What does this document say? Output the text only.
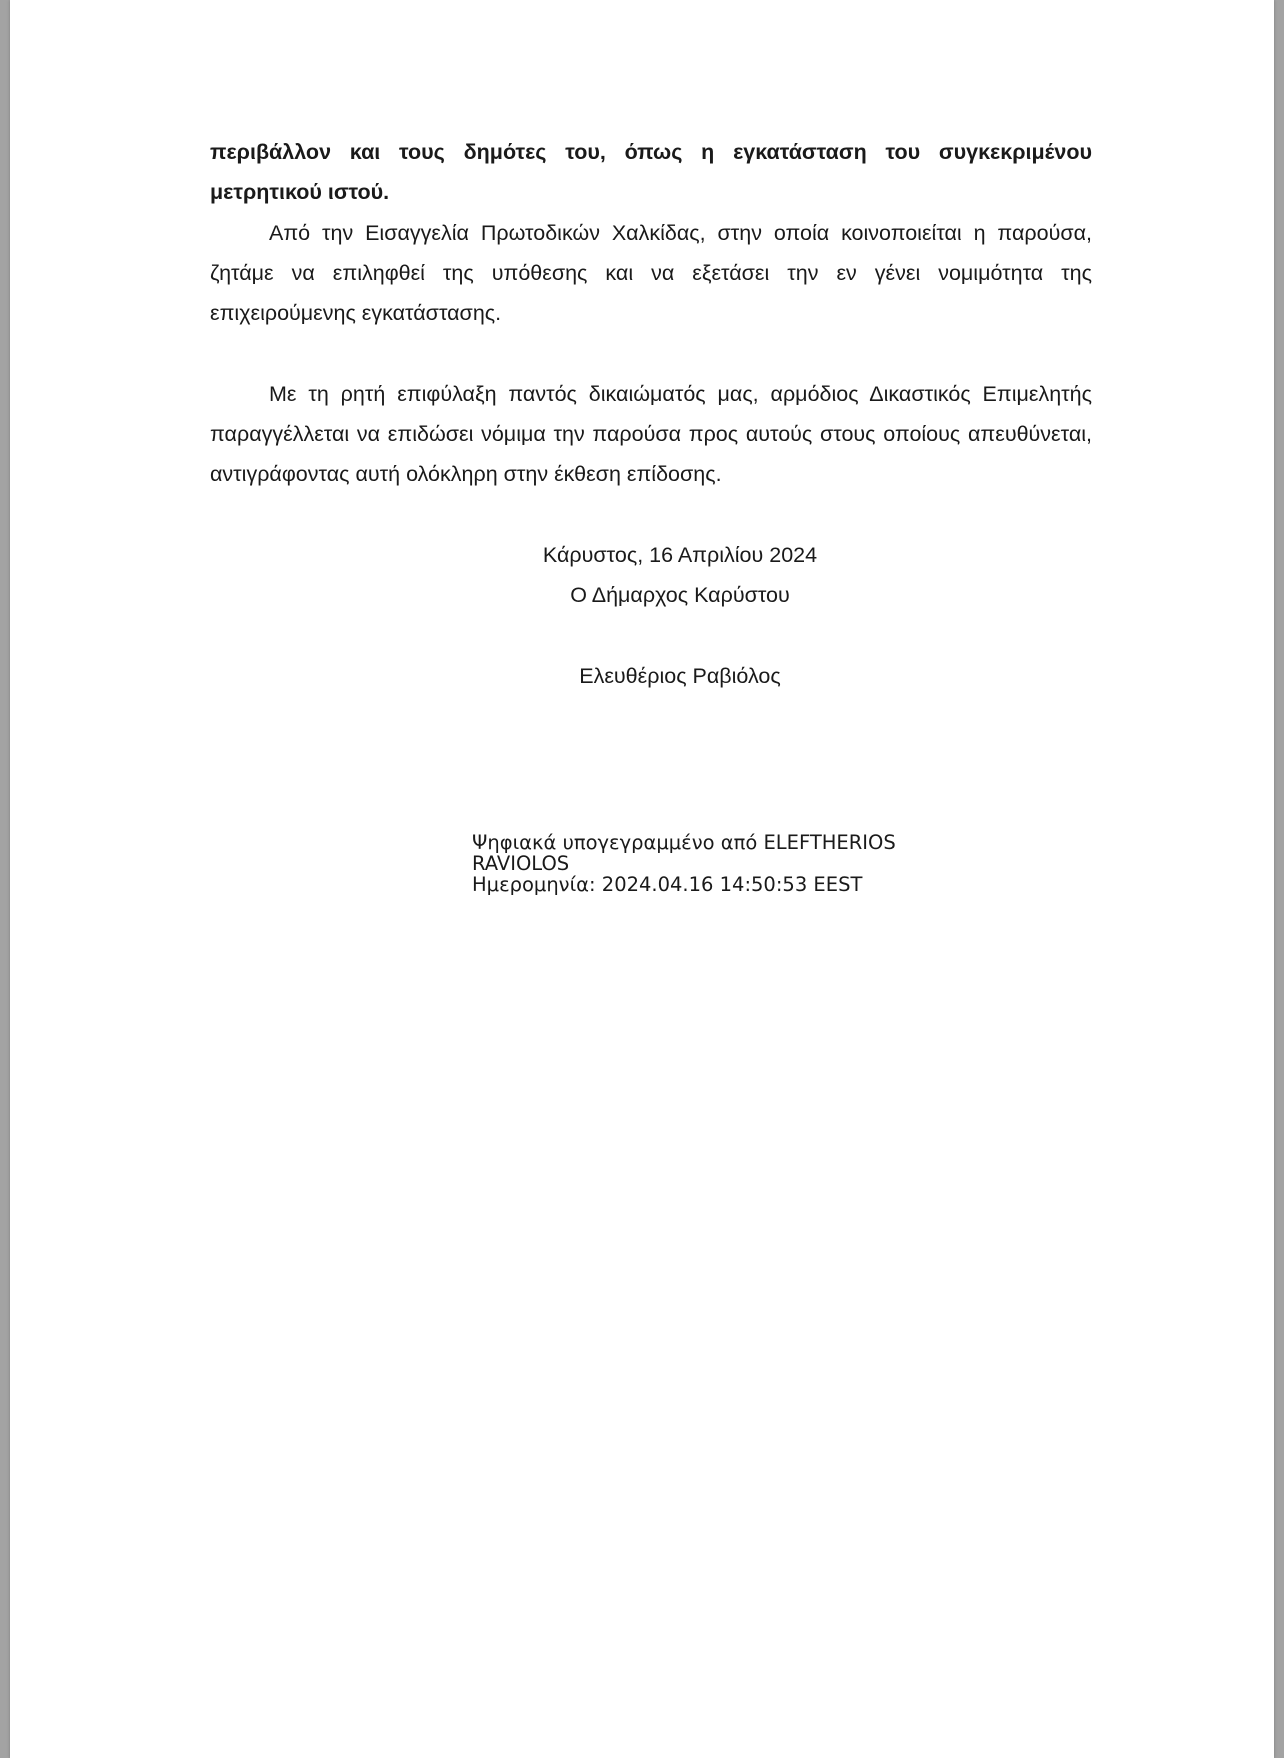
περιβάλλον και τους δημότες του, όπως η εγκατάσταση του συγκεκριμένου μετρητικού ιστού.

Από την Εισαγγελία Πρωτοδικών Χαλκίδας, στην οποία κοινοποιείται η παρούσα, ζητάμε να επιληφθεί της υπόθεσης και να εξετάσει την εν γένει νομιμότητα της επιχειρούμενης εγκατάστασης.

Με τη ρητή επιφύλαξη παντός δικαιώματός μας, αρμόδιος Δικαστικός Επιμελητής παραγγέλλεται να επιδώσει νόμιμα την παρούσα προς αυτούς στους οποίους απευθύνεται, αντιγράφοντας αυτή ολόκληρη στην έκθεση επίδοσης.

Κάρυστος, 16 Απριλίου 2024

Ο Δήμαρχος Καρύστου

Ελευθέριος Ραβιόλος

Ψηφιακά υπογεγραμμένο από ELEFTHERIOS
RAVIOLOS
Ημερομηνία: 2024.04.16 14:50:53 EEST
